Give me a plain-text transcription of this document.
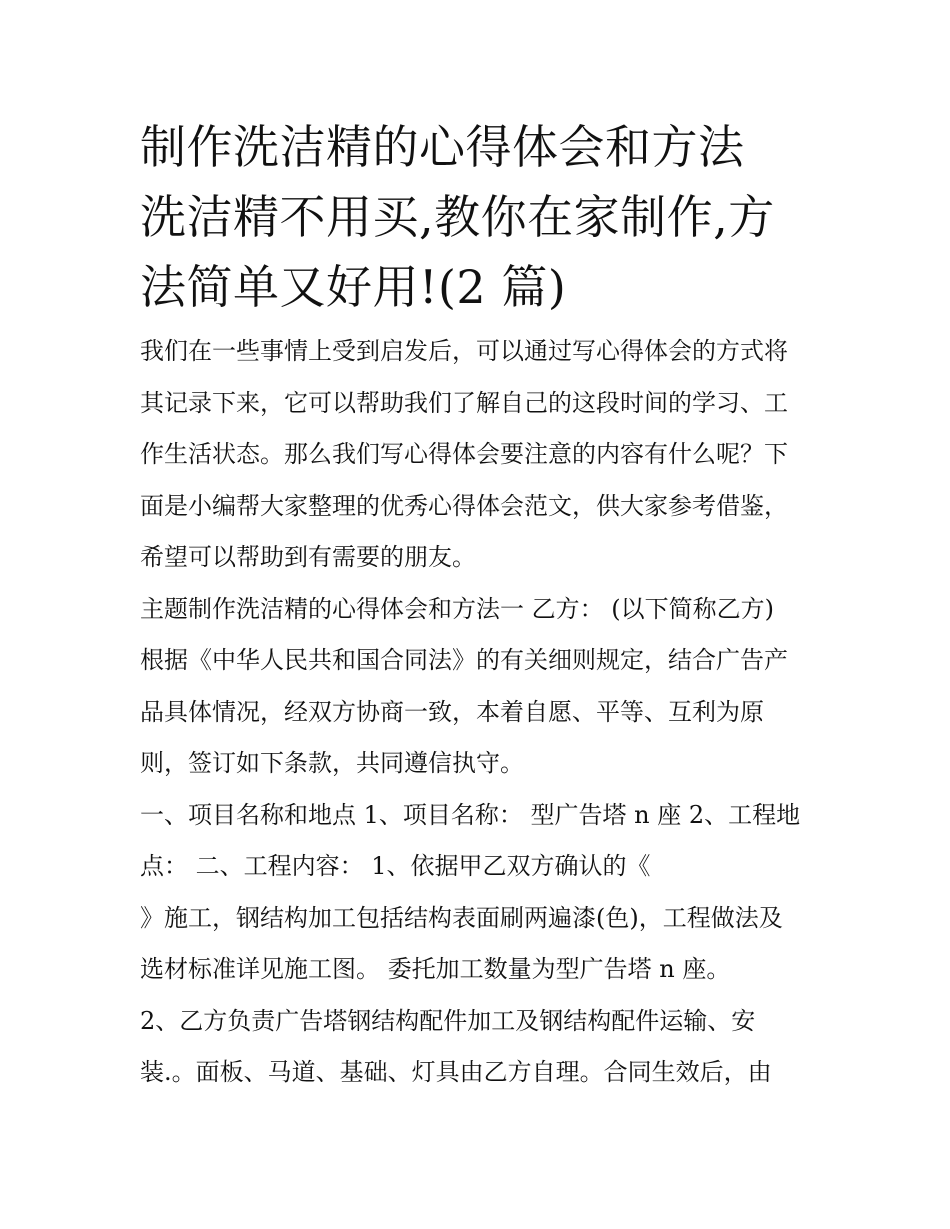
制作洗洁精的心得体会和方法
洗洁精不用买,教你在家制作,方
法简单又好用!(2 篇)

我们在一些事情上受到启发后，可以通过写心得体会的方式将
其记录下来，它可以帮助我们了解自己的这段时间的学习、工
作生活状态。那么我们写心得体会要注意的内容有什么呢？下
面是小编帮大家整理的优秀心得体会范文，供大家参考借鉴，
希望可以帮助到有需要的朋友。

主题制作洗洁精的心得体会和方法一 乙方： (以下简称乙方)
根据《中华人民共和国合同法》的有关细则规定，结合广告产
品具体情况，经双方协商一致，本着自愿、平等、互利为原
则，签订如下条款，共同遵信执守。

一、项目名称和地点 1、项目名称： 型广告塔 n 座 2、工程地
点： 二、工程内容： 1、依据甲乙双方确认的《
》施工，钢结构加工包括结构表面刷两遍漆(色)，工程做法及
选材标准详见施工图。 委托加工数量为型广告塔 n 座。

2、乙方负责广告塔钢结构配件加工及钢结构配件运输、安
装.。面板、马道、基础、灯具由乙方自理。合同生效后，由
